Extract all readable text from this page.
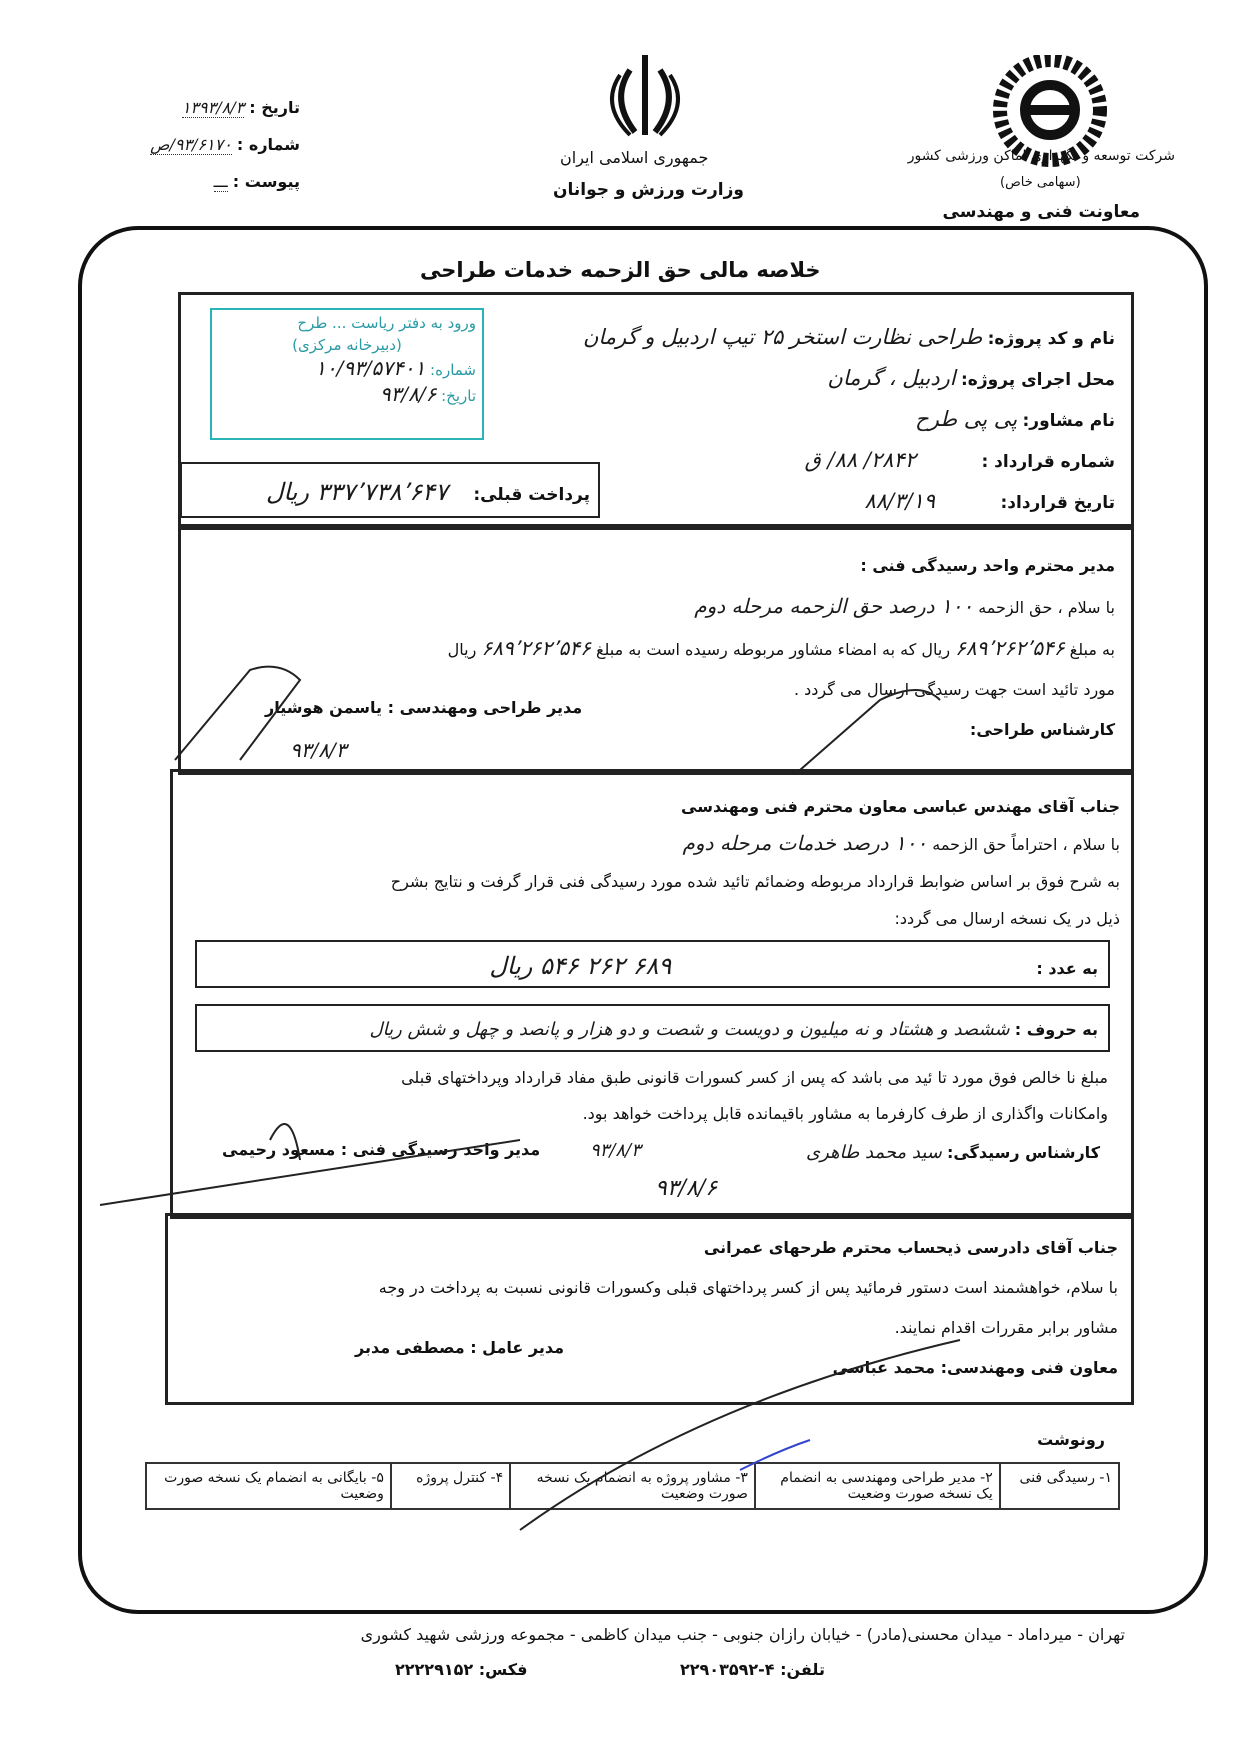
شرکت توسعه و نگهداری اماکن ورزشی کشور
(سهامی خاص)
معاونت فنی و مهندسی
جمهوری اسلامی ایران
وزارت ورزش و جوانان
تاریخ : ۱۳۹۳/۸/۳
شماره : ۹۳/۶۱۷۰/ص
پیوست : ـــ
خلاصه مالی حق الزحمه خدمات طراحی
ورود به دفتر ریاست ... طرح
(دبیرخانه مرکزی)
شماره: ۱۰/۹۳/۵۷۴۰۱
تاریخ: ۹۳/۸/۶
نام و کد پروژه: طراحی نظارت استخر ۲۵ تیپ اردبیل و گرمان
محل اجرای پروژه: اردبیل ، گرمان
نام مشاور: پی پی طرح
شماره قرارداد : ۲۸۴۲/ ۸۸/ ق
تاریخ قرارداد: ۸۸/۳/۱۹
پرداخت قبلی: ۳۳۷٬۷۳۸٬۶۴۷ ریال
مدیر محترم واحد رسیدگی فنی :
با سلام ، حق الزحمه ۱۰۰ درصد حق الزحمه مرحله دوم
به مبلغ ۶۸۹٬۲۶۲٬۵۴۶ ریال که به امضاء مشاور مربوطه رسیده است به مبلغ ۶۸۹٬۲۶۲٬۵۴۶ ریال
مورد تائید است جهت رسیدگی ارسال می گردد .
کارشناس طراحی:
مدیر طراحی ومهندسی : یاسمن هوشیار
۹۳/۸/۳
جناب آقای مهندس عباسی معاون محترم فنی ومهندسی
با سلام ، احتراماً حق الزحمه ۱۰۰ درصد خدمات مرحله دوم
به شرح فوق بر اساس ضوابط قرارداد مربوطه وضمائم تائید شده مورد رسیدگی فنی قرار گرفت و نتایج بشرح
ذیل در یک نسخه ارسال می گردد:
به عدد : ۶۸۹ ۲۶۲ ۵۴۶ ریال
به حروف : ششصد و هشتاد و نه میلیون و دویست و شصت و دو هزار و پانصد و چهل و شش ریال
مبلغ نا خالص فوق مورد تا ئید می باشد که پس از کسر کسورات قانونی طبق مفاد قرارداد وپرداختهای قبلی
وامکانات واگذاری از طرف کارفرما به مشاور باقیمانده قابل پرداخت خواهد بود.
کارشناس رسیدگی: سید محمد طاهری
۹۳/۸/۳
مدیر واحد رسیدگی فنی : مسعود رحیمی
۹۳/۸/۶
جناب آقای دادرسی ذیحساب محترم طرحهای عمرانی
با سلام، خواهشمند است دستور فرمائید پس از کسر پرداختهای قبلی وکسورات قانونی نسبت به پرداخت در وجه
مشاور برابر مقررات اقدام نمایند.
معاون فنی ومهندسی: محمد عباسی
مدیر عامل : مصطفی مدبر
رونوشت
۱- رسیدگی فنی	۲- مدیر طراحی ومهندسی به انضمام یک نسخه صورت وضعیت	۳- مشاور پروژه به انضمام یک نسخه صورت وضعیت	۴- کنترل پروژه	۵- بایگانی به انضمام یک نسخه صورت وضعیت
تهران - میرداماد - میدان محسنی(مادر) - خیابان رازان جنوبی - جنب میدان کاظمی - مجموعه ورزشی شهید کشوری
تلفن: ۴-۲۲۹۰۳۵۹۲
فکس: ۲۲۲۲۹۱۵۲
